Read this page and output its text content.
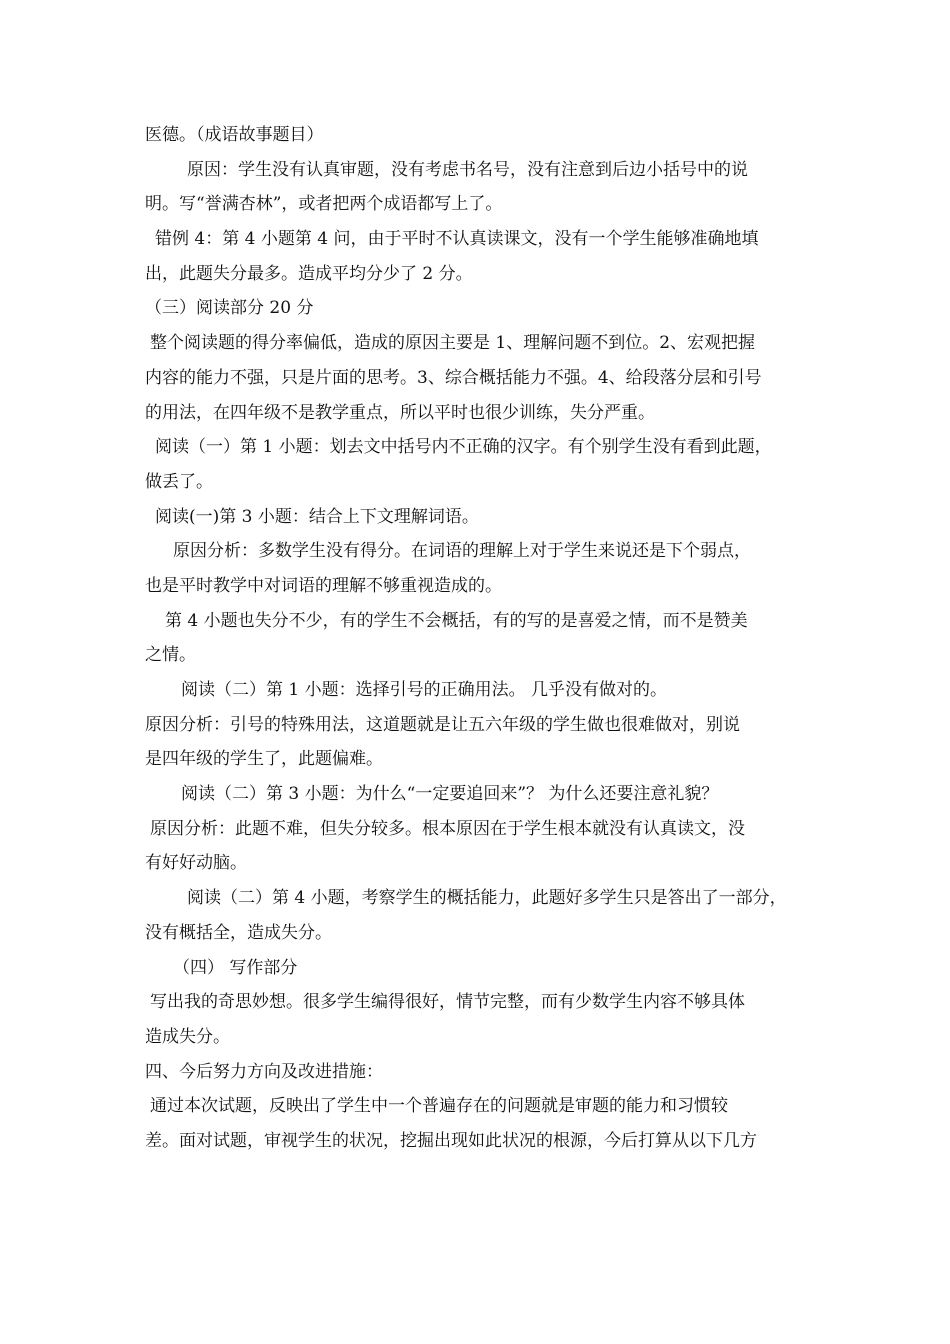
医德。（成语故事题目）
原因：学生没有认真审题，没有考虑书名号，没有注意到后边小括号中的说
明。写“誉满杏林”，或者把两个成语都写上了。
错例 4：第 4 小题第 4 问，由于平时不认真读课文，没有一个学生能够准确地填
出，此题失分最多。造成平均分少了 2 分。
（三）阅读部分 20 分
整个阅读题的得分率偏低，造成的原因主要是 1、理解问题不到位。2、宏观把握
内容的能力不强，只是片面的思考。3、综合概括能力不强。4、给段落分层和引号
的用法，在四年级不是教学重点，所以平时也很少训练，失分严重。
阅读（一）第 1 小题：划去文中括号内不正确的汉字。有个别学生没有看到此题，
做丢了。
阅读(一)第 3 小题：结合上下文理解词语。
原因分析：多数学生没有得分。在词语的理解上对于学生来说还是下个弱点，
也是平时教学中对词语的理解不够重视造成的。
第 4 小题也失分不少，有的学生不会概括，有的写的是喜爱之情，而不是赞美
之情。
阅读（二）第 1 小题：选择引号的正确用法。 几乎没有做对的。
原因分析：引号的特殊用法，这道题就是让五六年级的学生做也很难做对，别说
是四年级的学生了，此题偏难。
阅读（二）第 3 小题：为什么“一定要追回来”？ 为什么还要注意礼貌？
原因分析：此题不难，但失分较多。根本原因在于学生根本就没有认真读文，没
有好好动脑。
阅读（二）第 4 小题，考察学生的概括能力，此题好多学生只是答出了一部分，
没有概括全，造成失分。
（四） 写作部分
写出我的奇思妙想。很多学生编得很好，情节完整，而有少数学生内容不够具体
造成失分。
四、今后努力方向及改进措施：
通过本次试题，反映出了学生中一个普遍存在的问题就是审题的能力和习惯较
差。面对试题，审视学生的状况，挖掘出现如此状况的根源，今后打算从以下几方
